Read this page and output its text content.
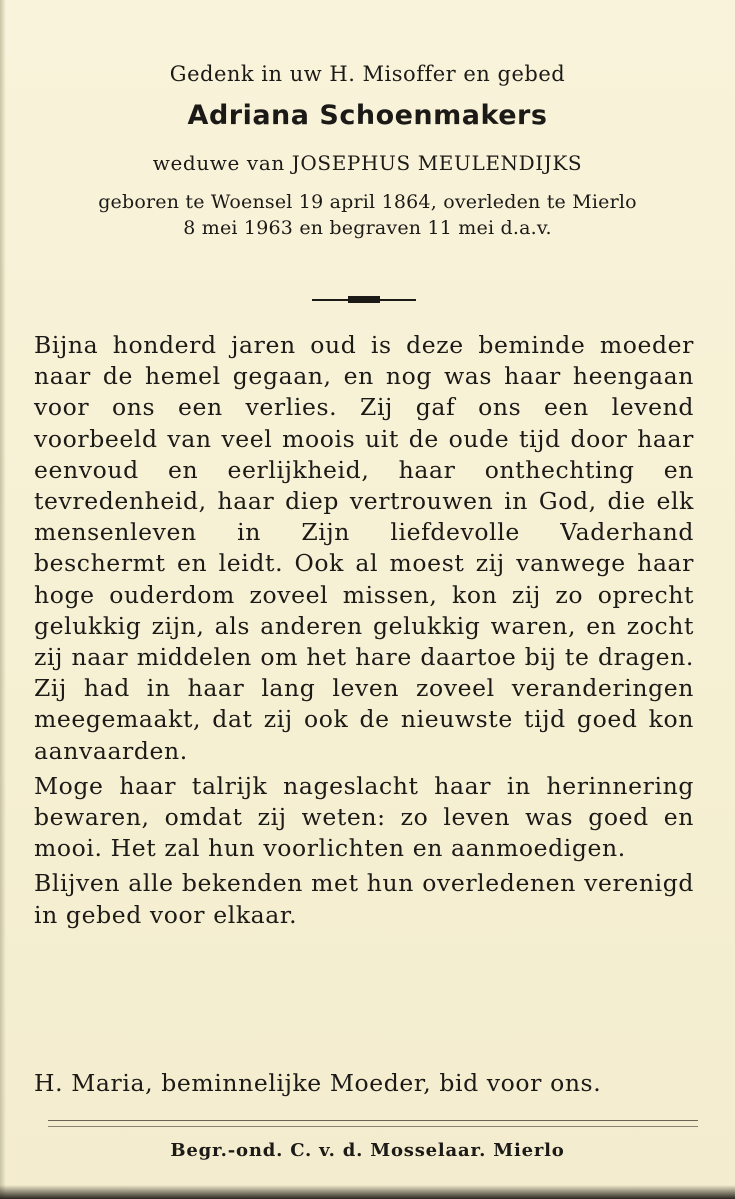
Gedenk in uw H. Misoffer en gebed

Adriana Schoenmakers

weduwe van JOSEPHUS MEULENDIJKS

geboren te Woensel 19 april 1864, overleden te Mierlo
8 mei 1963 en begraven 11 mei d.a.v.

Bijna honderd jaren oud is deze beminde moeder naar de hemel gegaan, en nog was haar heengaan voor ons een verlies. Zij gaf ons een levend voorbeeld van veel moois uit de oude tijd door haar eenvoud en eerlijkheid, haar onthechting en tevredenheid, haar diep vertrouwen in God, die elk mensenleven in Zijn liefdevolle Vaderhand beschermt en leidt. Ook al moest zij vanwege haar hoge ouderdom zoveel missen, kon zij zo oprecht gelukkig zijn, als anderen gelukkig waren, en zocht zij naar middelen om het hare daartoe bij te dragen. Zij had in haar lang leven zoveel veranderingen meegemaakt, dat zij ook de nieuwste tijd goed kon aanvaarden.

Moge haar talrijk nageslacht haar in herinnering bewaren, omdat zij weten: zo leven was goed en mooi. Het zal hun voorlichten en aanmoedigen.

Blijven alle bekenden met hun overledenen verenigd in gebed voor elkaar.

H. Maria, beminnelijke Moeder, bid voor ons.
Begr.-ond. C. v. d. Mosselaar. Mierlo
